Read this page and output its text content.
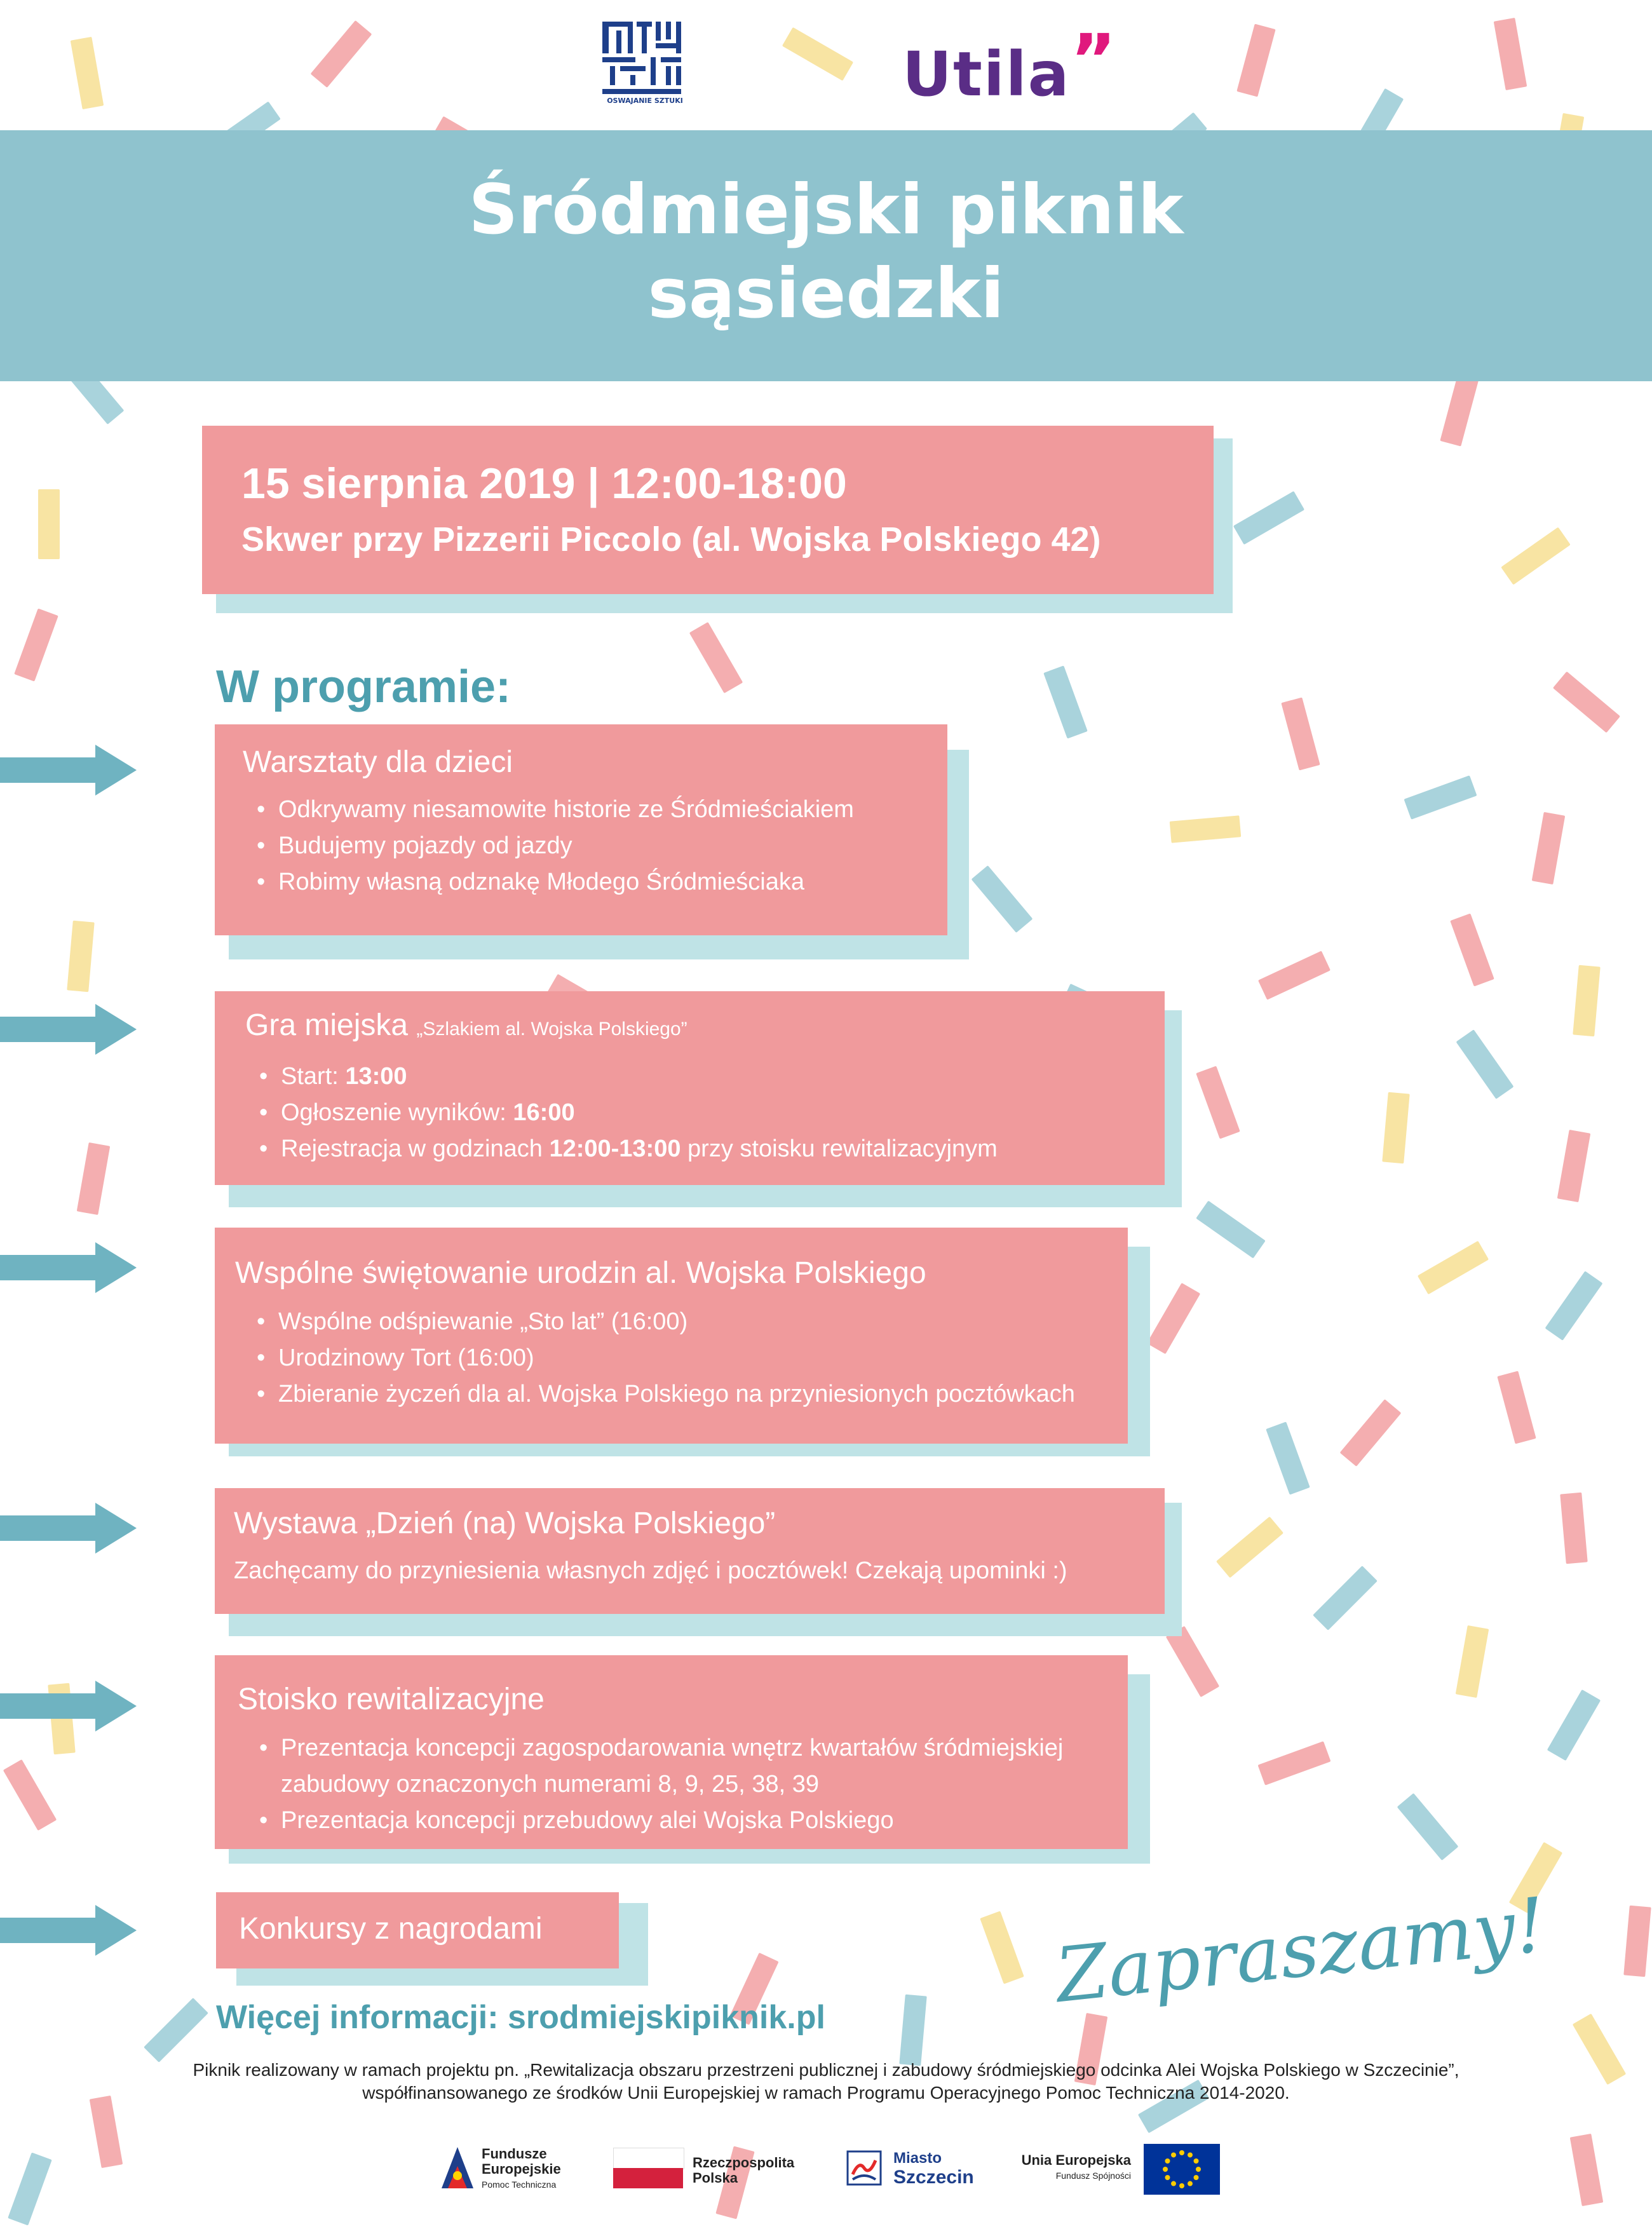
OSWAJANIE SZTUKI	Utila”
Śródmiejski piknik
sąsiedzki
15 sierpnia 2019 | 12:00-18:00
Skwer przy Pizzerii Piccolo (al. Wojska Polskiego 42)
W programie:
Warsztaty dla dzieci
• Odkrywamy niesamowite historie ze Śródmieściakiem
• Budujemy pojazdy od jazdy
• Robimy własną odznakę Młodego Śródmieściaka
Gra miejska „Szlakiem al. Wojska Polskiego”
• Start: 13:00
• Ogłoszenie wyników: 16:00
• Rejestracja w godzinach 12:00-13:00 przy stoisku rewitalizacyjnym
Wspólne świętowanie urodzin al. Wojska Polskiego
• Wspólne odśpiewanie „Sto lat” (16:00)
• Urodzinowy Tort (16:00)
• Zbieranie życzeń dla al. Wojska Polskiego na przyniesionych pocztówkach
Wystawa „Dzień (na) Wojska Polskiego”
Zachęcamy do przyniesienia własnych zdjęć i pocztówek! Czekają upominki :)
Stoisko rewitalizacyjne
• Prezentacja koncepcji zagospodarowania wnętrz kwartałów śródmiejskiej zabudowy oznaczonych numerami 8, 9, 25, 38, 39
• Prezentacja koncepcji przebudowy alei Wojska Polskiego
Konkursy z nagrodami	Zapraszamy!
Więcej informacji: srodmiejskipiknik.pl
Piknik realizowany w ramach projektu pn. „Rewitalizacja obszaru przestrzeni publicznej i zabudowy śródmiejskiego odcinka Alei Wojska Polskiego w Szczecinie”,
współfinansowanego ze środków Unii Europejskiej w ramach Programu Operacyjnego Pomoc Techniczna 2014-2020.
Fundusze
Europejskie
Pomoc Techniczna
Rzeczpospolita
Polska
Miasto
Szczecin
Unia Europejska
Fundusz Spójności
